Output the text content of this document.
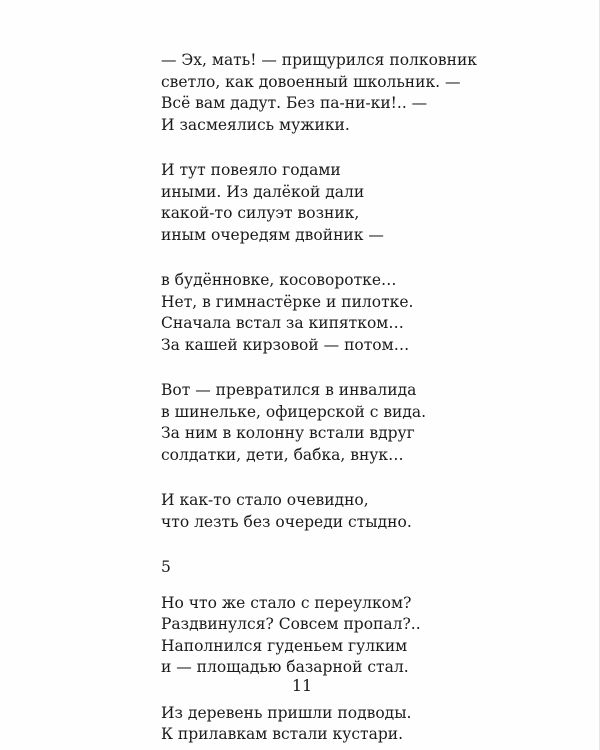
— Эх, мать! — прищурился полковник
светло, как довоенный школьник. —
Всё вам дадут. Без па-ни-ки!.. —
И засмеялись мужики.
И тут повеяло годами
иными. Из далёкой дали
какой-то силуэт возник,
иным очередям двойник —
в будённовке, косоворотке…
Нет, в гимнастёрке и пилотке.
Сначала встал за кипятком…
За кашей кирзовой — потом…
Вот — превратился в инвалида
в шинельке, офицерской с вида.
За ним в колонну встали вдруг
солдатки, дети, бабка, внук…
И как-то стало очевидно,
что лезть без очереди стыдно.
5
Но что же стало с переулком?
Раздвинулся? Совсем пропал?..
Наполнился гуденьем гулким
и — площадью базарной стал.
Из деревень пришли подводы.
К прилавкам встали кустари.
11
